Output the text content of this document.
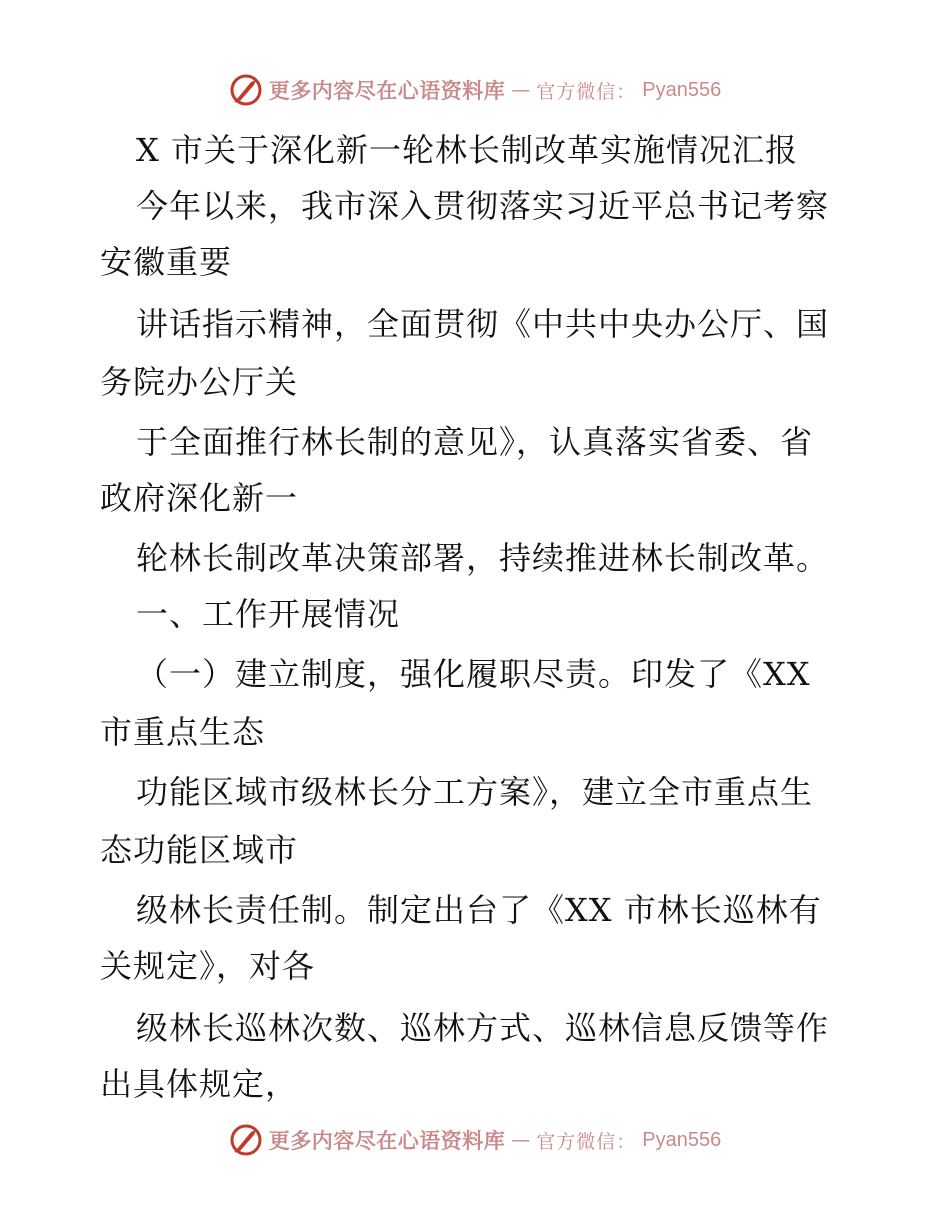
更多内容尽在心语资料库 — 官方微信： Pyan556
X 市关于深化新一轮林长制改革实施情况汇报
今年以来，我市深入贯彻落实习近平总书记考察
安徽重要
讲话指示精神，全面贯彻《中共中央办公厅、国
务院办公厅关
于全面推行林长制的意见》，认真落实省委、省
政府深化新一
轮林长制改革决策部署，持续推进林长制改革。
一、工作开展情况
（一）建立制度，强化履职尽责。印发了《XX
市重点生态
功能区域市级林长分工方案》，建立全市重点生
态功能区域市
级林长责任制。制定出台了《XX 市林长巡林有
关规定》，对各
级林长巡林次数、巡林方式、巡林信息反馈等作
出具体规定，
更多内容尽在心语资料库 — 官方微信： Pyan556
